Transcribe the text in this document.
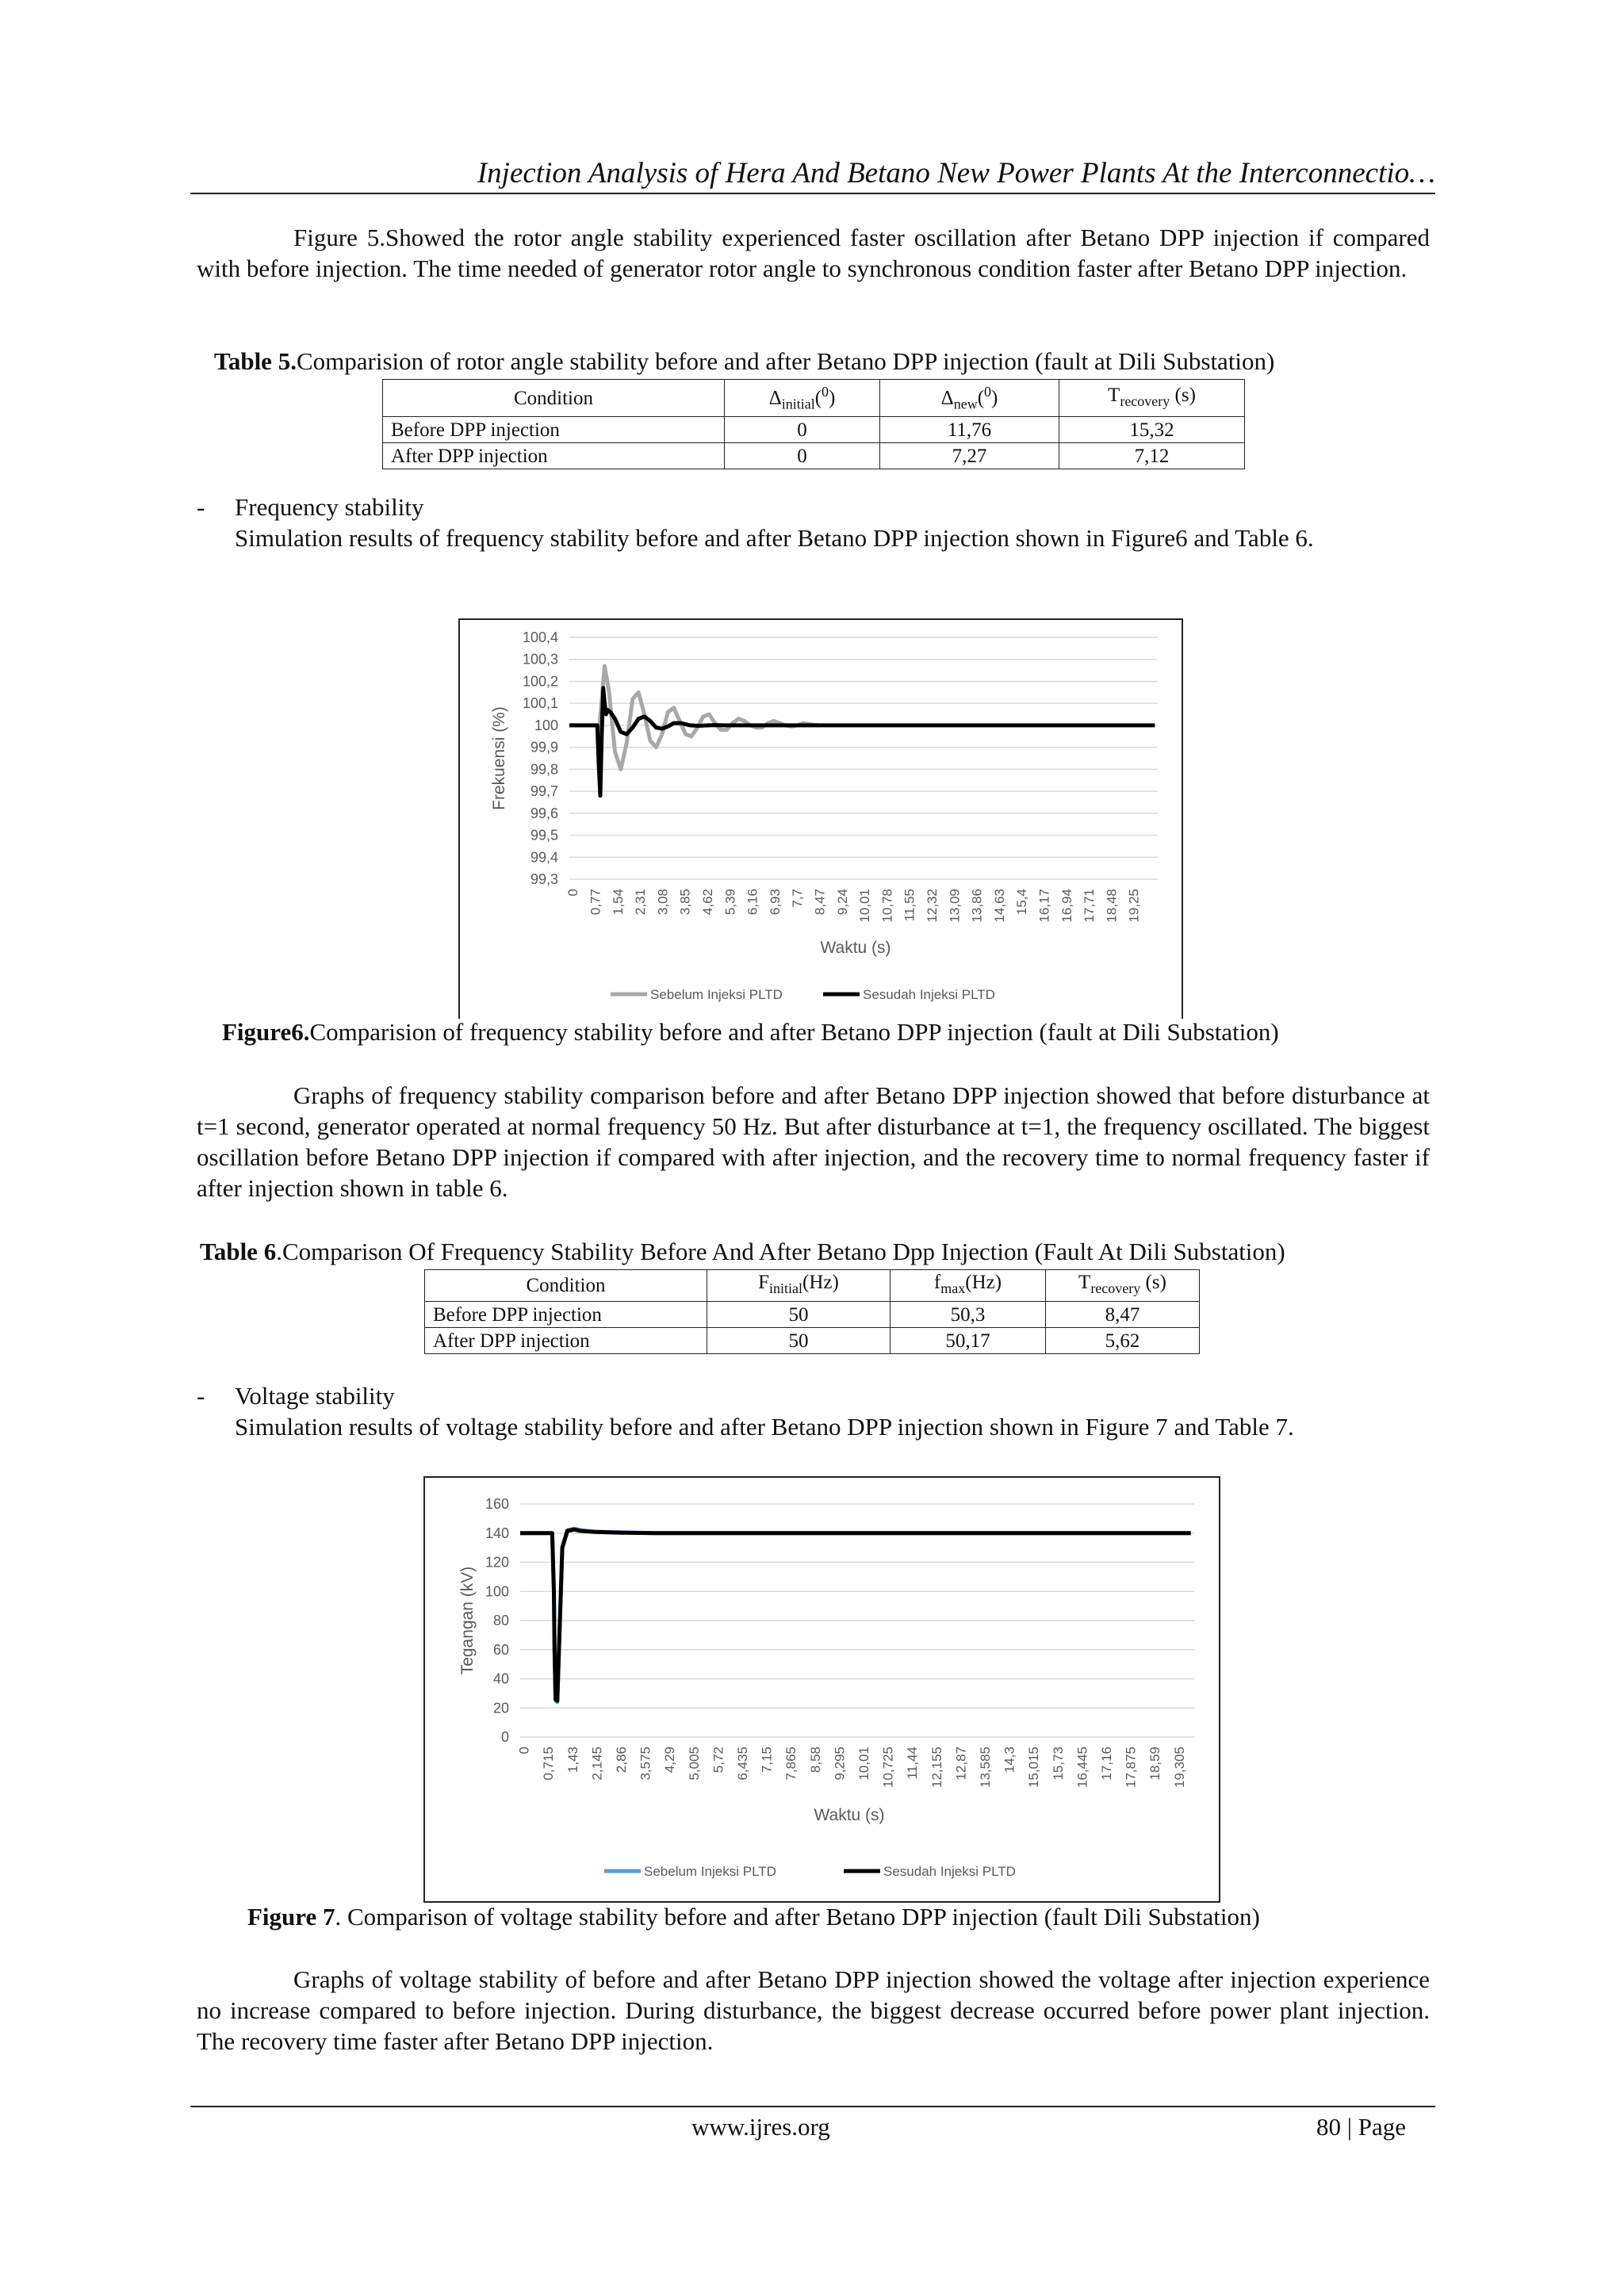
Injection Analysis of Hera And Betano New Power Plants At the Interconnectio…

Figure 5.Showed the rotor angle stability experienced faster oscillation after Betano DPP injection if compared with before injection. The time needed of generator rotor angle to synchronous condition faster after Betano DPP injection.

Table 5.Comparision of rotor angle stability before and after Betano DPP injection (fault at Dili Substation)
Condition	$\Delta_{initial}(^0)$	$\Delta_{new}(^0)$	$T_{recovery}$ (s)
Before DPP injection	0	11,76	15,32
After DPP injection	0	7,27	7,12
- Frequency stability

Simulation results of frequency stability before and after Betano DPP injection shown in Figure6 and Table 6.

100,4
100,3
100,2
100,1
100
99,9
99,8
99,7
99,6
99,5
99,4
99,3
0 0,77 1,54 2,31 3,08 3,85 4,62 5,39 6,16 6,93 7,7 8,47 9,24 10,01 10,78 11,55 12,32 13,09 13,86 14,63 15,4 16,17 16,94 17,71 18,48 19,25
Waktu (s)
Frekuensi (%)
Sebelum Injeksi PLTD	Sesudah Injeksi PLTD
Figure6.Comparision of frequency stability before and after Betano DPP injection (fault at Dili Substation)

Graphs of frequency stability comparison before and after Betano DPP injection showed that before disturbance at t=1 second, generator operated at normal frequency 50 Hz. But after disturbance at t=1, the frequency oscillated. The biggest oscillation before Betano DPP injection if compared with after injection, and the recovery time to normal frequency faster if after injection shown in table 6.

Table 6.Comparison Of Frequency Stability Before And After Betano Dpp Injection (Fault At Dili Substation)
Condition	$F_{initial}(Hz)$	$f_{max}(Hz)$	$T_{recovery}$ (s)
Before DPP injection	50	50,3	8,47
After DPP injection	50	50,17	5,62
- Voltage stability
Simulation results of voltage stability before and after Betano DPP injection shown in Figure 7 and Table 7.
160
140
120
100
80
60
40
20
0
0 0,715 1,43 2,145 2,86 3,575 4,29 5,005 5,72 6,435 7,15 7,865 8,58 9,295 10,01 10,725 11,44 12,155 12,87 13,585 14,3 15,015 15,73 16,445 17,16 17,875 18,59 19,305
Waktu (s)
Tegangan (kV)
Sebelum Injeksi PLTD	Sesudah Injeksi PLTD
Figure 7. Comparison of voltage stability before and after Betano DPP injection (fault Dili Substation)

Graphs of voltage stability of before and after Betano DPP injection showed the voltage after injection experience no increase compared to before injection. During disturbance, the biggest decrease occurred before power plant injection. The recovery time faster after Betano DPP injection.

www.ijres.org	80 | Page
